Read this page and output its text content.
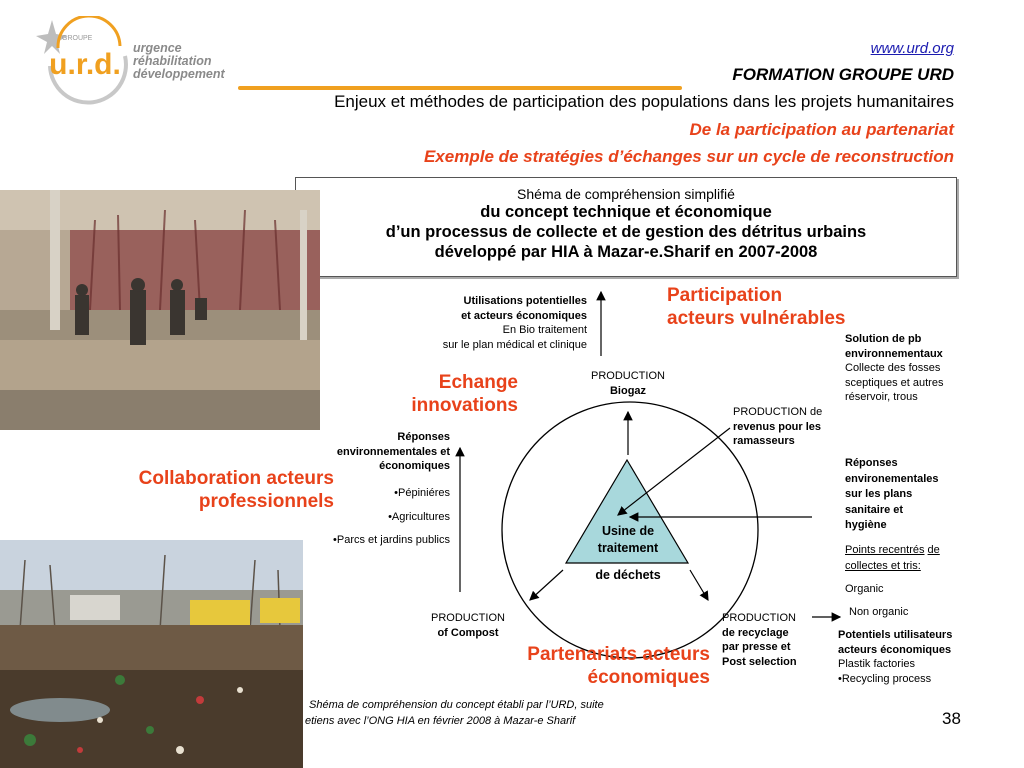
u.r.d.
GROUPE
urgence
réhabilitation
développement
www.urd.org
FORMATION GROUPE URD
Enjeux et méthodes de participation des populations dans les projets humanitaires
De la participation au partenariat
Exemple de stratégies d’échanges sur un cycle de reconstruction
Shéma de compréhension simplifié
du concept technique et économique
d’un processus de collecte et de gestion des détritus urbains
développé par HIA à Mazar-e.Sharif en 2007-2008
Participation
acteurs vulnérables
Echange
innovations
Collaboration acteurs
professionnels
Partenariats acteurs
économiques
Utilisations potentielles
et acteurs économiques
En Bio traitement
sur le plan médical et clinique
PRODUCTION
Biogaz
PRODUCTION de
revenus pour les
ramasseurs
Solution de pb
environnementaux
Collecte des fosses
sceptiques et autres
réservoir, trous
Réponses
environnementales et
économiques
•Pépiniéres
•Agricultures
•Parcs et jardins publics
Réponses
environementales
sur les plans
sanitaire et
hygiène
Points recentrés de
collectes et tris:
Organic
Non organic
Usine de
traitement
de déchets
PRODUCTION
of Compost
PRODUCTION
de recyclage
par presse et
Post selection
Potentiels utilisateurs
acteurs économiques
Plastik factories
•Recycling process
Shéma de compréhension du concept établi par l’URD, suite
etiens avec l’ONG HIA en février 2008 à Mazar-e Sharif	38
